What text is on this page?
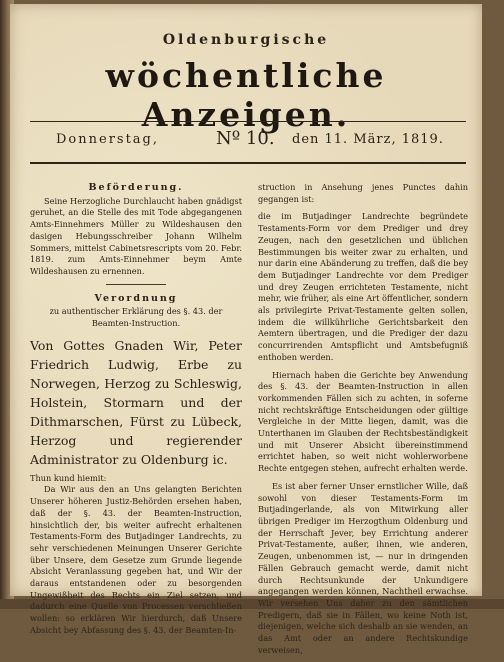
Oldenburgische
wöchentliche Anzeigen.
Donnerstag,	Nº 10. den 11. März, 1819.

Beförderung.

Seine Herzogliche Durchlaucht haben gnädigst geruhet, an die Stelle des mit Tode abgegangenen Amts-Einnehmers Müller zu Wildeshausen den dasigen Hebungsschreiber Johann Wilhelm Sommers, mittelst Cabinetsrescripts vom 20. Febr. 1819. zum Amts-Einnehmer beym Amte Wildeshausen zu ernennen.

Verordnung

zu authentischer Erklärung des §. 43. der

Beamten-Instruction.

Von Gottes Gnaden Wir, Peter Friedrich Ludwig, Erbe zu Norwegen, Herzog zu Schleswig, Holstein, Stormarn und der Dithmarschen, Fürst zu Lübeck, Herzog und regierender Administrator zu Oldenburg ic.

Thun kund hiemit:

Da Wir aus den an Uns gelangten Berichten Unserer höheren Justiz-Behörden ersehen haben, daß der §. 43. der Beamten-Instruction, hinsichtlich der, bis weiter aufrecht erhaltenen Testaments-Form des Butjadinger Landrechts, zu sehr verschiedenen Meinungen Unserer Gerichte über Unsere, dem Gesetze zum Grunde liegende Absicht Veranlassung gegeben hat, und Wir der daraus entstandenen oder zu besorgenden Ungewißheit des Rechts ein Ziel setzen, und dadurch eine Quelle von Processen verschließen wollen: so erklären Wir hierdurch, daß Unsere Absicht bey Abfassung des §. 43. der Beamten-In-

struction in Ansehung jenes Punctes dahin gegangen ist:

die im Butjadinger Landrechte begründete Testaments-Form vor dem Prediger und drey Zeugen, nach den gesetzlichen und üblichen Bestimmungen bis weiter zwar zu erhalten, und nur darin eine Abänderung zu treffen, daß die bey dem Butjadinger Landrechte vor dem Prediger und drey Zeugen errichteten Testamente, nicht mehr, wie früher, als eine Art öffentlicher, sondern als privilegirte Privat-Testamente gelten sollen, indem die willkührliche Gerichtsbarkeit den Aemtern übertragen, und die Prediger der dazu concurrirenden Amtspflicht und Amtsbefugniß enthoben werden.

Hiernach haben die Gerichte bey Anwendung des §. 43. der Beamten-Instruction in allen vorkommenden Fällen sich zu achten, in soferne nicht rechtskräftige Entscheidungen oder gültige Vergleiche in der Mitte liegen, damit, was die Unterthanen im Glauben der Rechtsbeständigkeit und mit Unserer Absicht übereinstimmend errichtet haben, so weit nicht wohlerworbene Rechte entgegen stehen, aufrecht erhalten werde.

Es ist aber ferner Unser ernstlicher Wille, daß sowohl von dieser Testaments-Form im Butjadingerlande, als von Mitwirkung aller übrigen Prediger im Herzogthum Oldenburg und der Herrschaft Jever, bey Errichtung anderer Privat-Testamente, außer, ihnen, wie anderen, Zeugen, unbenommen ist, — nur in dringenden Fällen Gebrauch gemacht werde, damit nicht durch Rechtsunkunde der Unkundigere angegangen werden können, Nachtheil erwachse. Wir versehen Uns daher zu den sämtlichen Predigern, daß sie in Fällen, wo keine Noth ist, diejenigen, welche sich deshalb an sie wenden, an das Amt oder an andere Rechtskundige verweisen,
